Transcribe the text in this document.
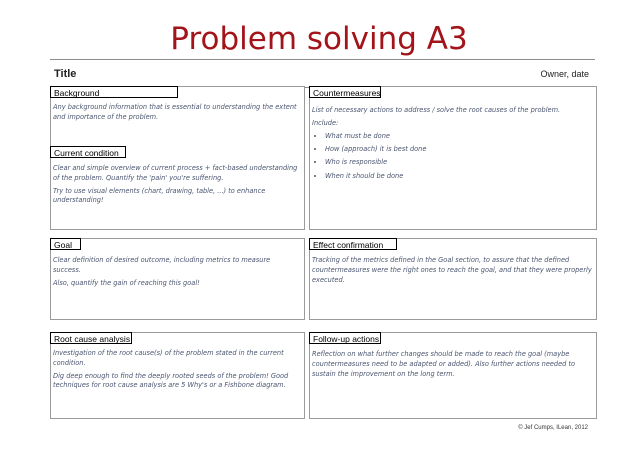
Problem solving A3
Title	Owner, date
Background

Any background information that is essential to understanding the extent and importance of the problem.

Current condition

Clear and simple overview of current process + fact-based understanding of the problem. Quantify the 'pain' you're suffering.

Try to use visual elements (chart, drawing, table, ...) to enhance understanding!

Goal

Clear definition of desired outcome, including metrics to measure success.

Also, quantify the gain of reaching this goal!

Root cause analysis

Investigation of the root cause(s) of the problem stated in the current condition.

Dig deep enough to find the deeply rooted seeds of the problem! Good techniques for root cause analysis are 5 Why's or a Fishbone diagram.

Countermeasures

List of necessary actions to address / solve the root causes of the problem.

Include:

• What must be done
• How (approach) it is best done
• Who is responsible
• When it should be done
Effect confirmation

Tracking of the metrics defined in the Goal section, to assure that the defined countermeasures were the right ones to reach the goal, and that they were properly executed.

Follow-up actions

Reflection on what further changes should be made to reach the goal (maybe countermeasures need to be adapted or added). Also further actions needed to sustain the improvement on the long term.

© Jef Cumps, ILean, 2012
